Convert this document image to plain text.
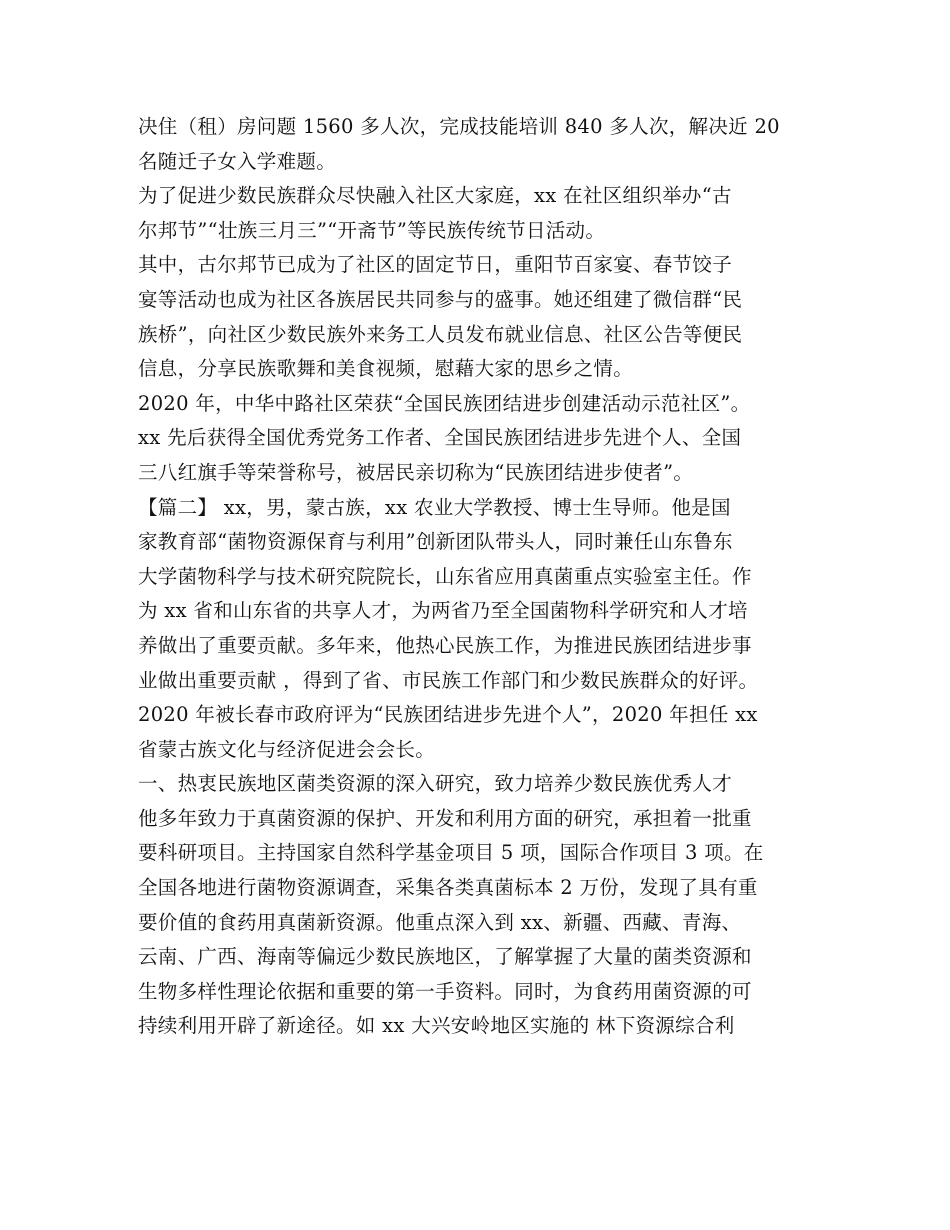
决住（租）房问题 1560 多人次，完成技能培训 840 多人次，解决近 20
名随迁子女入学难题。
为了促进少数民族群众尽快融入社区大家庭，xx 在社区组织举办“古
尔邦节”“壮族三月三”“开斋节”等民族传统节日活动。
其中，古尔邦节已成为了社区的固定节日，重阳节百家宴、春节饺子
宴等活动也成为社区各族居民共同参与的盛事。她还组建了微信群“民
族桥”，向社区少数民族外来务工人员发布就业信息、社区公告等便民
信息，分享民族歌舞和美食视频，慰藉大家的思乡之情。
2020 年，中华中路社区荣获“全国民族团结进步创建活动示范社区”。
xx 先后获得全国优秀党务工作者、全国民族团结进步先进个人、全国
三八红旗手等荣誉称号，被居民亲切称为“民族团结进步使者”。
【篇二】 xx，男，蒙古族，xx 农业大学教授、博士生导师。他是国
家教育部“菌物资源保育与利用”创新团队带头人，同时兼任山东鲁东
大学菌物科学与技术研究院院长，山东省应用真菌重点实验室主任。作
为 xx 省和山东省的共享人才，为两省乃至全国菌物科学研究和人才培
养做出了重要贡献。多年来，他热心民族工作，为推进民族团结进步事
业做出重要贡献 ，得到了省、市民族工作部门和少数民族群众的好评。
2020 年被长春市政府评为“民族团结进步先进个人”，2020 年担任 xx
省蒙古族文化与经济促进会会长。
一、热衷民族地区菌类资源的深入研究，致力培养少数民族优秀人才
他多年致力于真菌资源的保护、开发和利用方面的研究，承担着一批重
要科研项目。主持国家自然科学基金项目 5 项，国际合作项目 3 项。在
全国各地进行菌物资源调查，采集各类真菌标本 2 万份，发现了具有重
要价值的食药用真菌新资源。他重点深入到 xx、新疆、西藏、青海、
云南、广西、海南等偏远少数民族地区，了解掌握了大量的菌类资源和
生物多样性理论依据和重要的第一手资料。同时，为食药用菌资源的可
持续利用开辟了新途径。如 xx 大兴安岭地区实施的 林下资源综合利
